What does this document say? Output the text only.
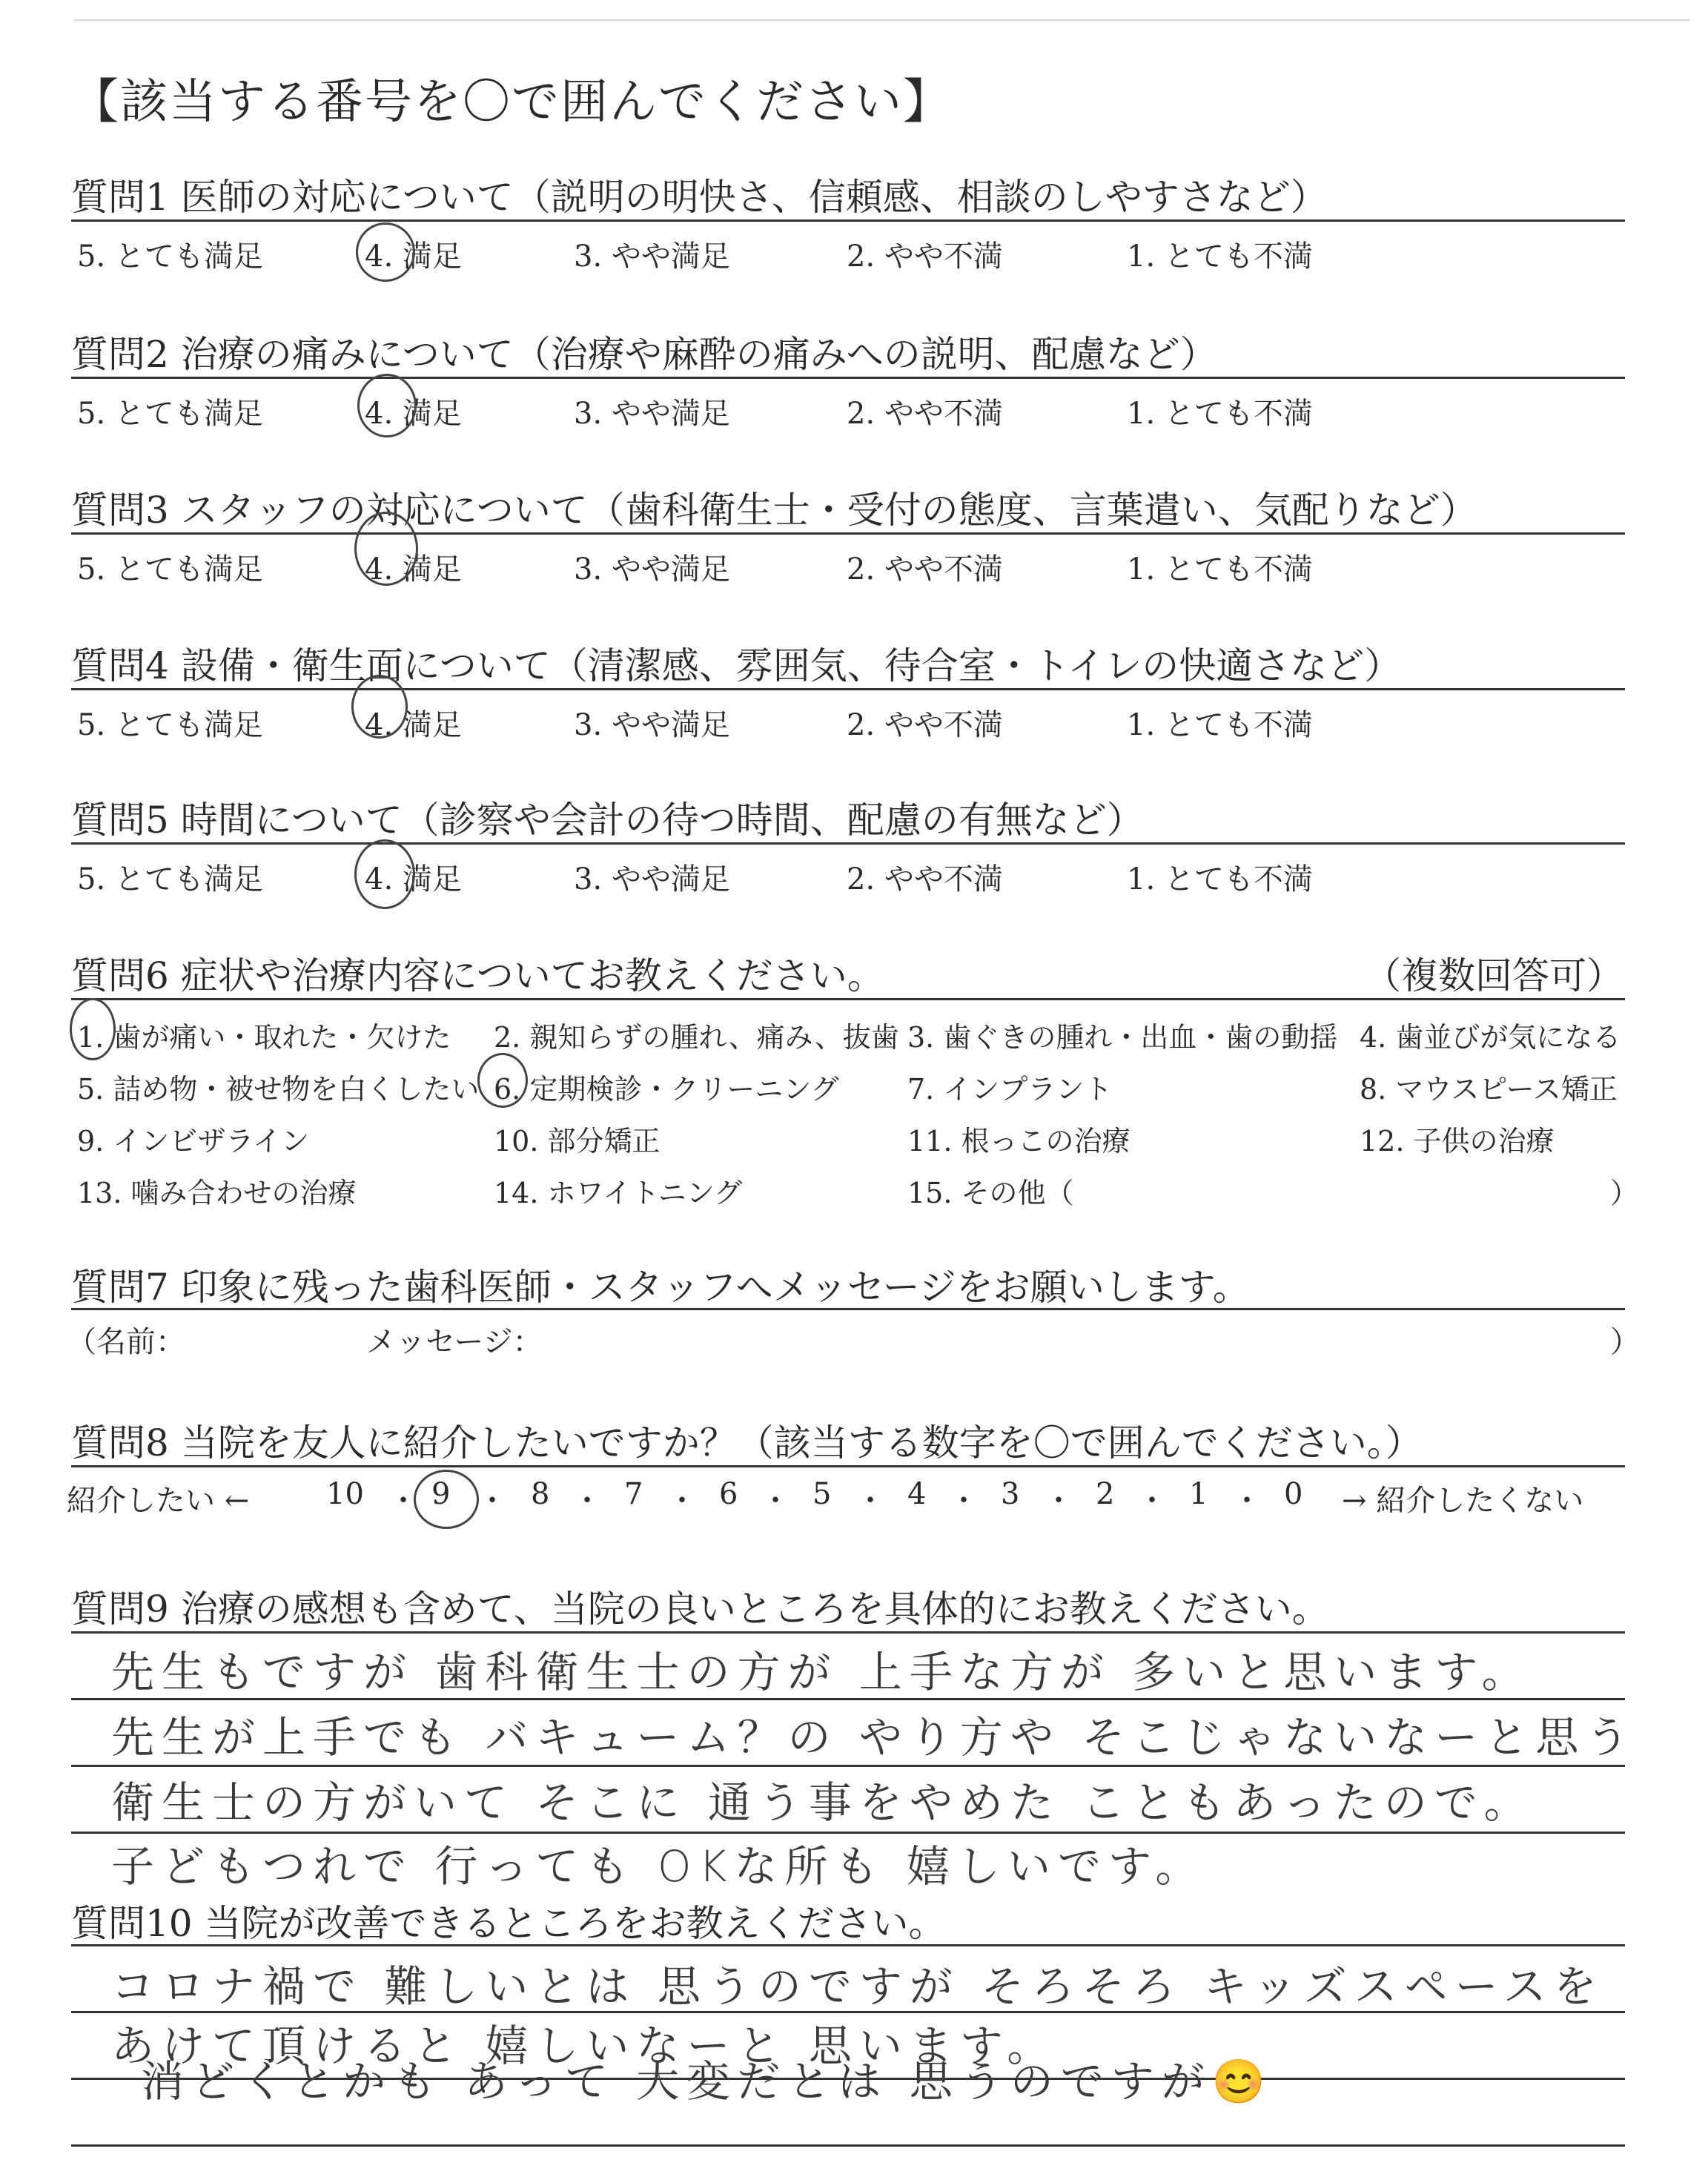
【該当する番号を〇で囲んでください】
質問1 医師の対応について（説明の明快さ、信頼感、相談のしやすさなど）
5. とても満足	4. 満足	3. やや満足	2. やや不満	1. とても不満
質問2 治療の痛みについて（治療や麻酔の痛みへの説明、配慮など）
5. とても満足	4. 満足	3. やや満足	2. やや不満	1. とても不満
質問3 スタッフの対応について（歯科衛生士・受付の態度、言葉遣い、気配りなど）
5. とても満足	4. 満足	3. やや満足	2. やや不満	1. とても不満
質問4 設備・衛生面について（清潔感、雰囲気、待合室・トイレの快適さなど）
5. とても満足	4. 満足	3. やや満足	2. やや不満	1. とても不満
質問5 時間について（診察や会計の待つ時間、配慮の有無など）
5. とても満足	4. 満足	3. やや満足	2. やや不満	1. とても不満
質問6 症状や治療内容についてお教えください。	（複数回答可）
1. 歯が痛い・取れた・欠けた 2. 親知らずの腫れ、痛み、抜歯 3. 歯ぐきの腫れ・出血・歯の動揺 4. 歯並びが気になる
5. 詰め物・被せ物を白くしたい 6. 定期検診・クリーニング 7. インプラント	8. マウスピース矯正
9. インビザライン	10. 部分矯正	11. 根っこの治療	12. 子供の治療
13. 噛み合わせの治療	14. ホワイトニング	15. その他（	）
質問7 印象に残った歯科医師・スタッフへメッセージをお願いします。
（名前：	メッセージ：	）
質問8 当院を友人に紹介したいですか？（該当する数字を〇で囲んでください。）
紹介したい ←	10 ・ 9 ・ 8 ・ 7 ・ 6 ・ 5 ・ 4 ・ 3 ・ 2 ・ 1 ・ 0 → 紹介したくない
質問9 治療の感想も含めて、当院の良いところを具体的にお教えください。
先生もですが 歯科衛生士の方が 上手な方が 多いと思います。
先生が上手でも バキューム？の やり方や そこじゃないなーと思う
衛生士の方がいて そこに 通う事をやめた こともあったので。
子どもつれで 行っても OKな所も 嬉しいです。
質問10 当院が改善できるところをお教えください。
コロナ禍で 難しいとは 思うのですが そろそろ キッズスペースを
あけて頂けると 嬉しいなーと 思います。
消どくとかも あって 大変だとは 思うのですが😊
